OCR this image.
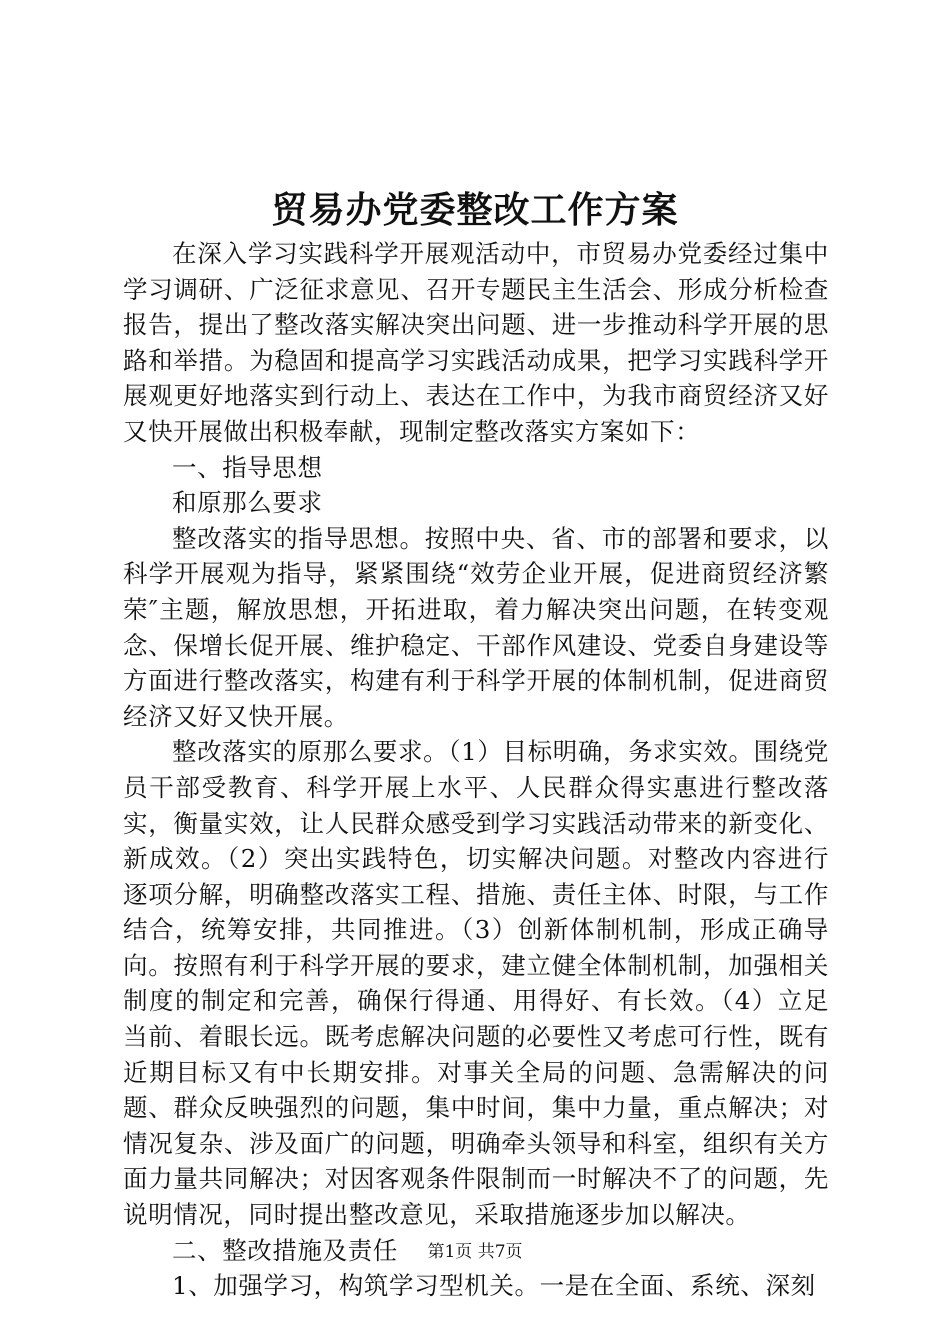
贸易办党委整改工作方案

在深入学习实践科学开展观活动中，市贸易办党委经过集中学习调研、广泛征求意见、召开专题民主生活会、形成分析检查报告，提出了整改落实解决突出问题、进一步推动科学开展的思路和举措。为稳固和提高学习实践活动成果，把学习实践科学开展观更好地落实到行动上、表达在工作中，为我市商贸经济又好又快开展做出积极奉献，现制定整改落实方案如下：

一、指导思想

和原那么要求

整改落实的指导思想。按照中央、省、市的部署和要求，以科学开展观为指导，紧紧围绕“效劳企业开展，促进商贸经济繁荣″主题，解放思想，开拓进取，着力解决突出问题，在转变观念、保增长促开展、维护稳定、干部作风建设、党委自身建设等方面进行整改落实，构建有利于科学开展的体制机制，促进商贸经济又好又快开展。

整改落实的原那么要求。（1）目标明确，务求实效。围绕党员干部受教育、科学开展上水平、人民群众得实惠进行整改落实，衡量实效，让人民群众感受到学习实践活动带来的新变化、新成效。（2）突出实践特色，切实解决问题。对整改内容进行逐项分解，明确整改落实工程、措施、责任主体、时限，与工作结合，统筹安排，共同推进。（3）创新体制机制，形成正确导向。按照有利于科学开展的要求，建立健全体制机制，加强相关制度的制定和完善，确保行得通、用得好、有长效。（4）立足当前、着眼长远。既考虑解决问题的必要性又考虑可行性，既有近期目标又有中长期安排。对事关全局的问题、急需解决的问题、群众反映强烈的问题，集中时间，集中力量，重点解决；对情况复杂、涉及面广的问题，明确牵头领导和科室，组织有关方面力量共同解决；对因客观条件限制而一时解决不了的问题，先说明情况，同时提出整改意见，采取措施逐步加以解决。

二、整改措施及责任

1、加强学习，构筑学习型机关。一是在全面、系统、深刻

第1页 共7页
